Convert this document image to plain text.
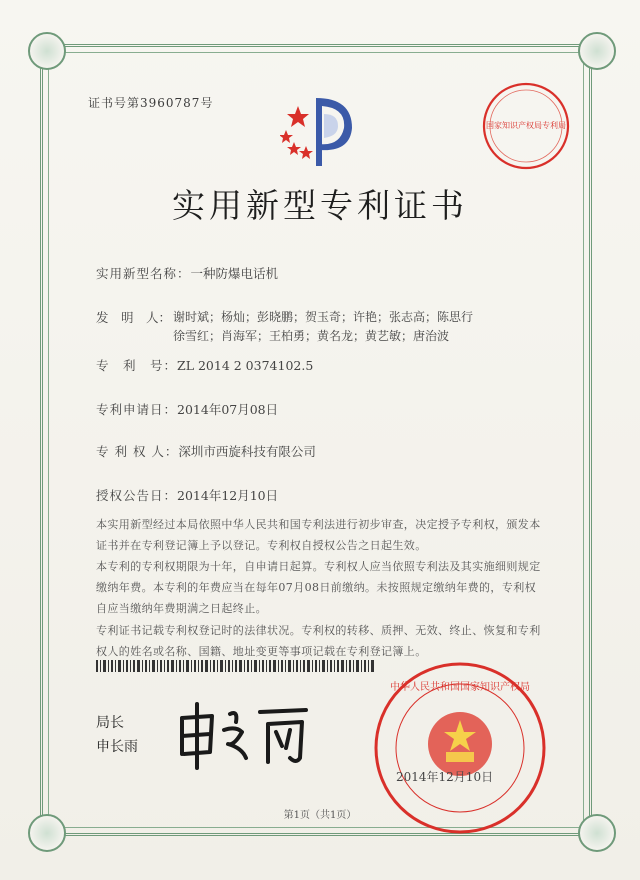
证书号第3960787号
国家知识产权局专利局
实用新型专利证书
实用新型名称：一种防爆电话机
发　明　人： 谢时斌；杨灿；彭晓鹏；贺玉奇；许艳；张志高；陈思行
徐雪红；肖海军；王柏勇；黄名龙；黄艺敏；唐治波
专　利　号：ZL 2014 2 0374102.5
专利申请日：2014年07月08日
专 利 权 人：深圳市西旋科技有限公司
授权公告日：2014年12月10日
本实用新型经过本局依照中华人民共和国专利法进行初步审查，决定授予专利权，颁发本证书并在专利登记簿上予以登记。专利权自授权公告之日起生效。
本专利的专利权期限为十年，自申请日起算。专利权人应当依照专利法及其实施细则规定缴纳年费。本专利的年费应当在每年07月08日前缴纳。未按照规定缴纳年费的，专利权自应当缴纳年费期满之日起终止。
专利证书记载专利权登记时的法律状况。专利权的转移、质押、无效、终止、恢复和专利权人的姓名或名称、国籍、地址变更等事项记载在专利登记簿上。
局长
申长雨
中华人民共和国国家知识产权局
2014年12月10日
第1页（共1页）
